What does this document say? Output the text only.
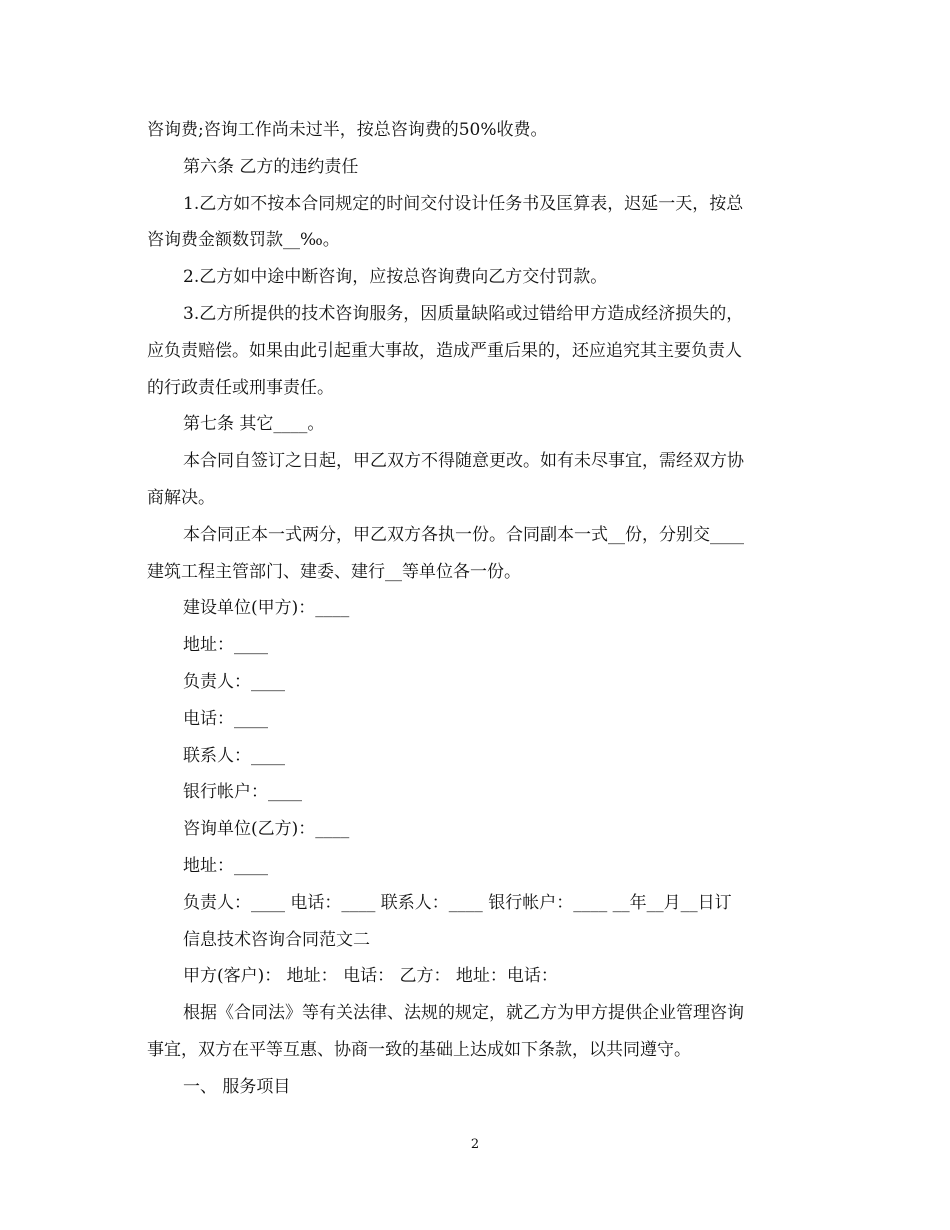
咨询费;咨询工作尚未过半，按总咨询费的50%收费。
第六条 乙方的违约责任
1.乙方如不按本合同规定的时间交付设计任务书及匡算表，迟延一天，按总
咨询费金额数罚款__‰。
2.乙方如中途中断咨询，应按总咨询费向乙方交付罚款。
3.乙方所提供的技术咨询服务，因质量缺陷或过错给甲方造成经济损失的，
应负责赔偿。如果由此引起重大事故，造成严重后果的，还应追究其主要负责人
的行政责任或刑事责任。
第七条 其它____。
本合同自签订之日起，甲乙双方不得随意更改。如有未尽事宜，需经双方协
商解决。
本合同正本一式两分，甲乙双方各执一份。合同副本一式__份，分别交____
建筑工程主管部门、建委、建行__等单位各一份。
建设单位(甲方)：____
地址：____
负责人：____
电话：____
联系人：____
银行帐户：____
咨询单位(乙方)：____
地址：____
负责人：____ 电话：____ 联系人：____ 银行帐户：____ __年__月__日订
信息技术咨询合同范文二
甲方(客户)： 地址： 电话： 乙方： 地址：电话：
根据《合同法》等有关法律、法规的规定，就乙方为甲方提供企业管理咨询
事宜，双方在平等互惠、协商一致的基础上达成如下条款，以共同遵守。
一、 服务项目
2
